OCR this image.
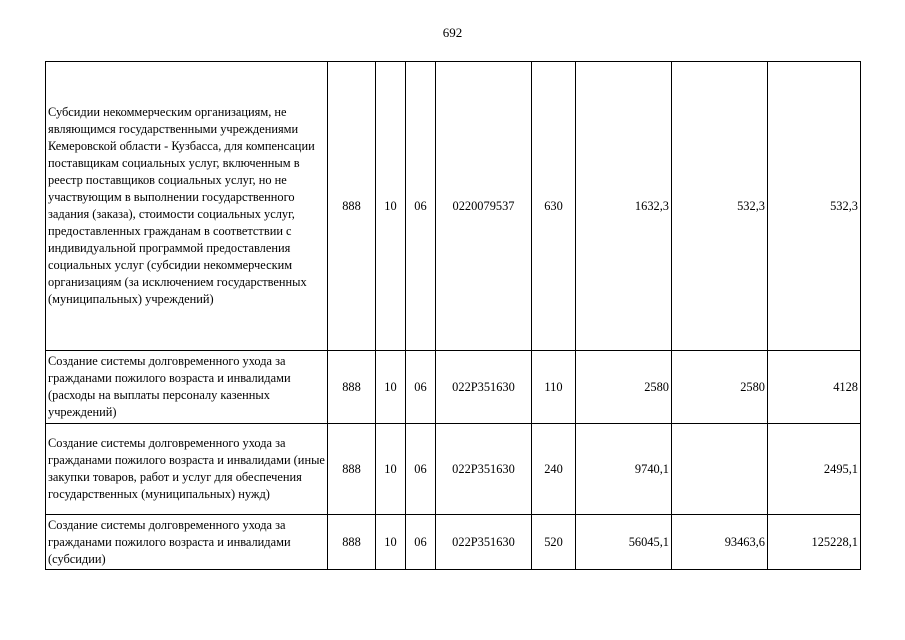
692
Субсидии некоммерческим организациям, не являющимся государственными учреждениями Кемеровской области - Кузбасса, для компенсации поставщикам социальных услуг, включенным в реестр поставщиков социальных услуг, но не участвующим в выполнении государственного задания (заказа), стоимости социальных услуг, предоставленных гражданам в соответствии с индивидуальной программой предоставления социальных услуг (субсидии некоммерческим организациям (за исключением государственных (муниципальных) учреждений)	888	10	06	0220079537	630	1632,3	532,3	532,3
Создание системы долговременного ухода за гражданами пожилого возраста и инвалидами (расходы на выплаты персоналу казенных учреждений)	888	10	06	022P351630	110	2580	2580	4128
Создание системы долговременного ухода за гражданами пожилого возраста и инвалидами (иные закупки товаров, работ и услуг для обеспечения государственных (муниципальных) нужд)	888	10	06	022P351630	240	9740,1		2495,1
Создание системы долговременного ухода за гражданами пожилого возраста и инвалидами (субсидии)	888	10	06	022P351630	520	56045,1	93463,6	125228,1
